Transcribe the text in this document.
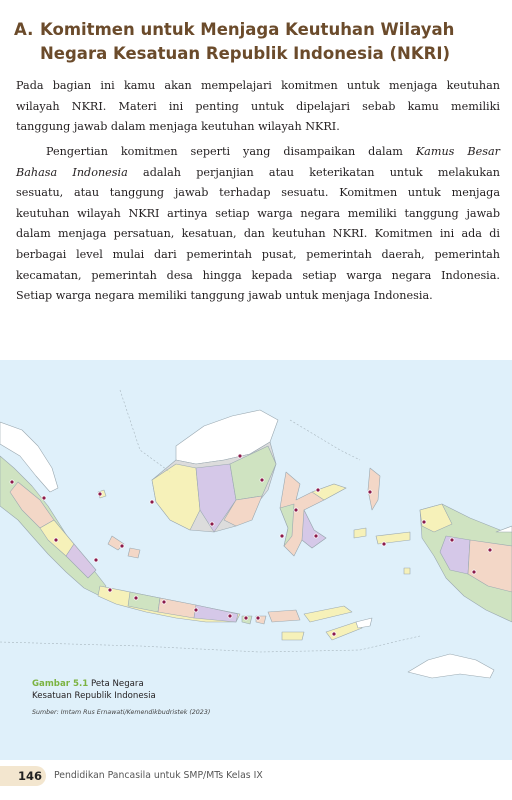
A. Komitmen untuk Menjaga Keutuhan Wilayah
Negara Kesatuan Republik Indonesia (NKRI)

Pada bagian ini kamu akan mempelajari komitmen untuk menjaga keutuhan
wilayah NKRI. Materi ini penting untuk dipelajari sebab kamu memiliki
tanggung jawab dalam menjaga keutuhan wilayah NKRI.

Pengertian komitmen seperti yang disampaikan dalam Kamus Besar
Bahasa Indonesia adalah perjanjian atau keterikatan untuk melakukan
sesuatu, atau tanggung jawab terhadap sesuatu. Komitmen untuk menjaga
keutuhan wilayah NKRI artinya setiap warga negara memiliki tanggung jawab
dalam menjaga persatuan, kesatuan, dan keutuhan NKRI. Komitmen ini ada di
berbagai level mulai dari pemerintah pusat, pemerintah daerah, pemerintah
kecamatan, pemerintah desa hingga kepada setiap warga negara Indonesia.
Setiap warga negara memiliki tanggung jawab untuk menjaga Indonesia.

Gambar 5.1 Peta Negara
Kesatuan Republik Indonesia
Sumber: Imtam Rus Ernawati/Kemendikbudristek (2023)
146	Pendidikan Pancasila untuk SMP/MTs Kelas IX
